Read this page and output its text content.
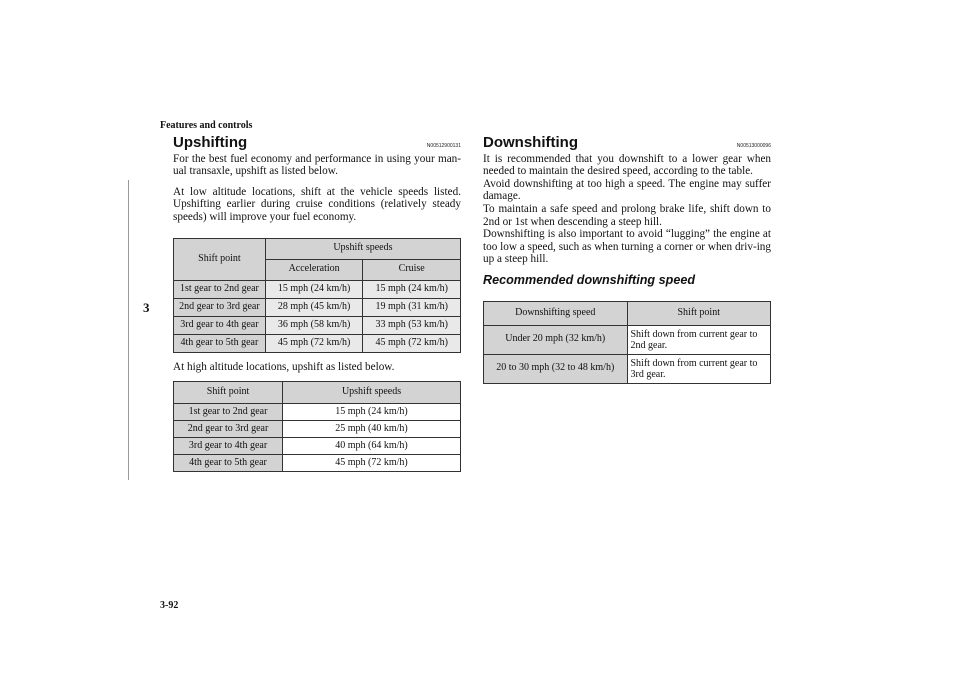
Features and controls
3
Upshifting	N00512900131

For the best fuel economy and performance in using your man-ual transaxle, upshift as listed below.

At low altitude locations, shift at the vehicle speeds listed. Upshifting earlier during cruise conditions (relatively steady speeds) will improve your fuel economy.

Shift point	Upshift speeds	
	Acceleration	Cruise
1st gear to 2nd gear	15 mph (24 km/h)	15 mph (24 km/h)
2nd gear to 3rd gear	28 mph (45 km/h)	19 mph (31 km/h)
3rd gear to 4th gear	36 mph (58 km/h)	33 mph (53 km/h)
4th gear to 5th gear	45 mph (72 km/h)	45 mph (72 km/h)

At high altitude locations, upshift as listed below.

Shift point	Upshift speeds
1st gear to 2nd gear	15 mph (24 km/h)
2nd gear to 3rd gear	25 mph (40 km/h)
3rd gear to 4th gear	40 mph (64 km/h)
4th gear to 5th gear	45 mph (72 km/h)
Downshifting	N00513000096

It is recommended that you downshift to a lower gear when needed to maintain the desired speed, according to the table.

Avoid downshifting at too high a speed. The engine may suffer damage.

To maintain a safe speed and prolong brake life, shift down to 2nd or 1st when descending a steep hill.

Downshifting is also important to avoid “lugging” the engine at too low a speed, such as when turning a corner or when driv-ing up a steep hill.

Recommended downshifting speed
Downshifting speed	Shift point
Under 20 mph (32 km/h)	Shift down from current gear to 2nd gear.
20 to 30 mph (32 to 48 km/h)	Shift down from current gear to 3rd gear.
3-92
